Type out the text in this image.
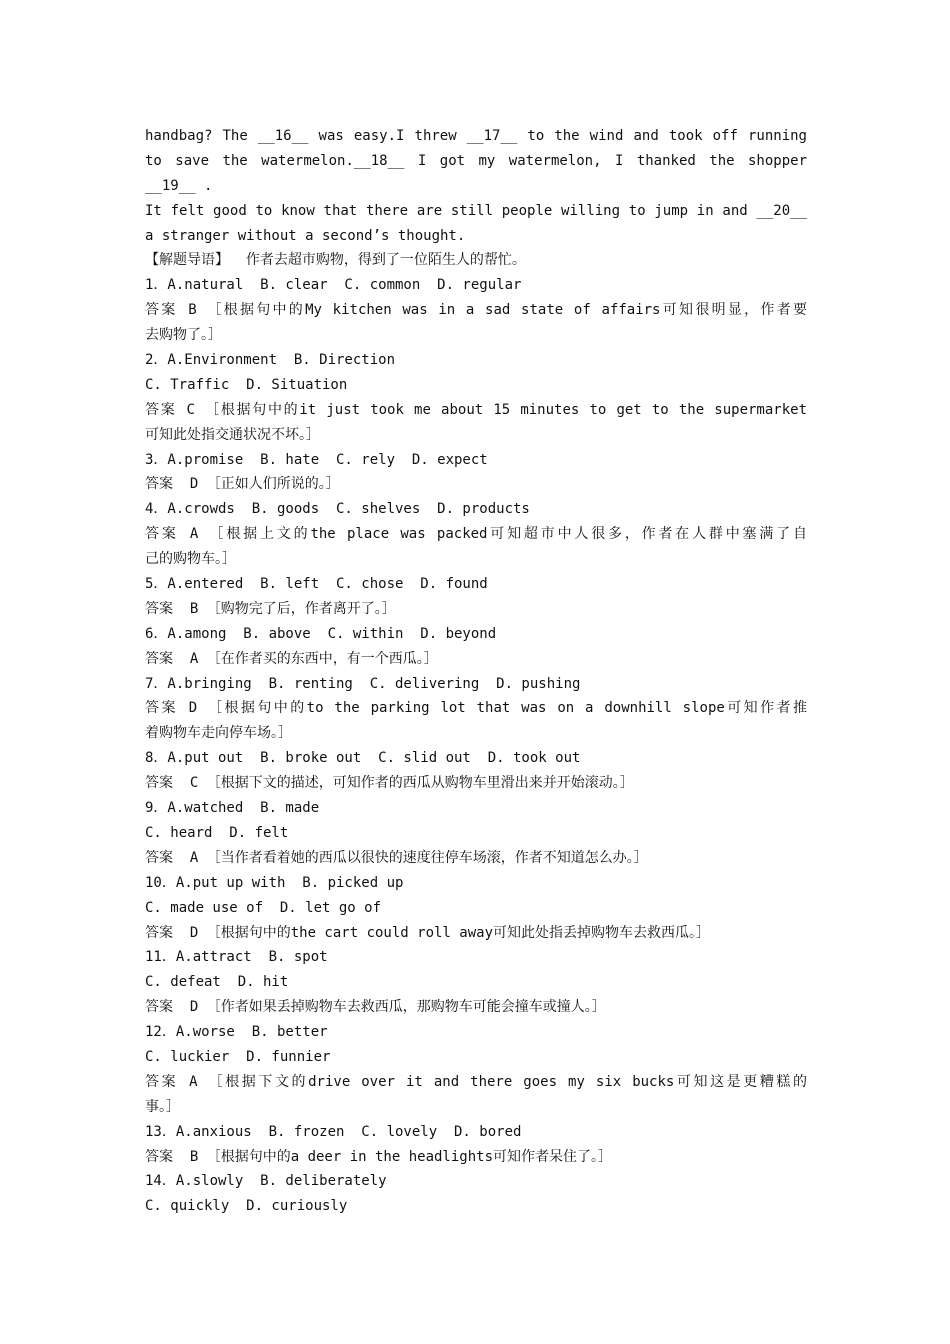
handbag? The __16__ was easy.I threw __17__ to the wind and took off running
to save the watermelon.__18__ I got my watermelon, I thanked the shopper
__19__ .
It felt good to know that there are still people willing to jump in and __20__
a stranger without a second’s thought.
【解题导语】  作者去超市购物，得到了一位陌生人的帮忙。
1．A.natural  B. clear  C. common  D. regular
答案 B ［根据句中的My kitchen was in a sad state of affairs可知很明显，作者要
去购物了。］
2．A.Environment  B. Direction
C. Traffic  D. Situation
答案 C ［根据句中的it just took me about 15 minutes to get to the supermarket
可知此处指交通状况不坏。］
3．A.promise  B. hate  C. rely  D. expect
答案  D ［正如人们所说的。］
4．A.crowds  B. goods  C. shelves  D. products
答案 A ［根据上文的the place was packed可知超市中人很多，作者在人群中塞满了自
己的购物车。］
5．A.entered  B. left  C. chose  D. found
答案  B ［购物完了后，作者离开了。］
6．A.among  B. above  C. within  D. beyond
答案  A ［在作者买的东西中，有一个西瓜。］
7．A.bringing  B. renting  C. delivering  D. pushing
答案 D ［根据句中的to the parking lot that was on a downhill slope可知作者推
着购物车走向停车场。］
8．A.put out  B. broke out  C. slid out  D. took out
答案  C ［根据下文的描述，可知作者的西瓜从购物车里滑出来并开始滚动。］
9．A.watched  B. made
C. heard  D. felt
答案  A ［当作者看着她的西瓜以很快的速度往停车场滚，作者不知道怎么办。］
10．A.put up with  B. picked up
C. made use of  D. let go of
答案  D ［根据句中的the cart could roll away可知此处指丢掉购物车去救西瓜。］
11．A.attract  B. spot
C. defeat  D. hit
答案  D ［作者如果丢掉购物车去救西瓜，那购物车可能会撞车或撞人。］
12．A.worse  B. better
C. luckier  D. funnier
答案 A ［根据下文的drive over it and there goes my six bucks可知这是更糟糕的
事。］
13．A.anxious  B. frozen  C. lovely  D. bored
答案  B ［根据句中的a deer in the headlights可知作者呆住了。］
14．A.slowly  B. deliberately
C. quickly  D. curiously
